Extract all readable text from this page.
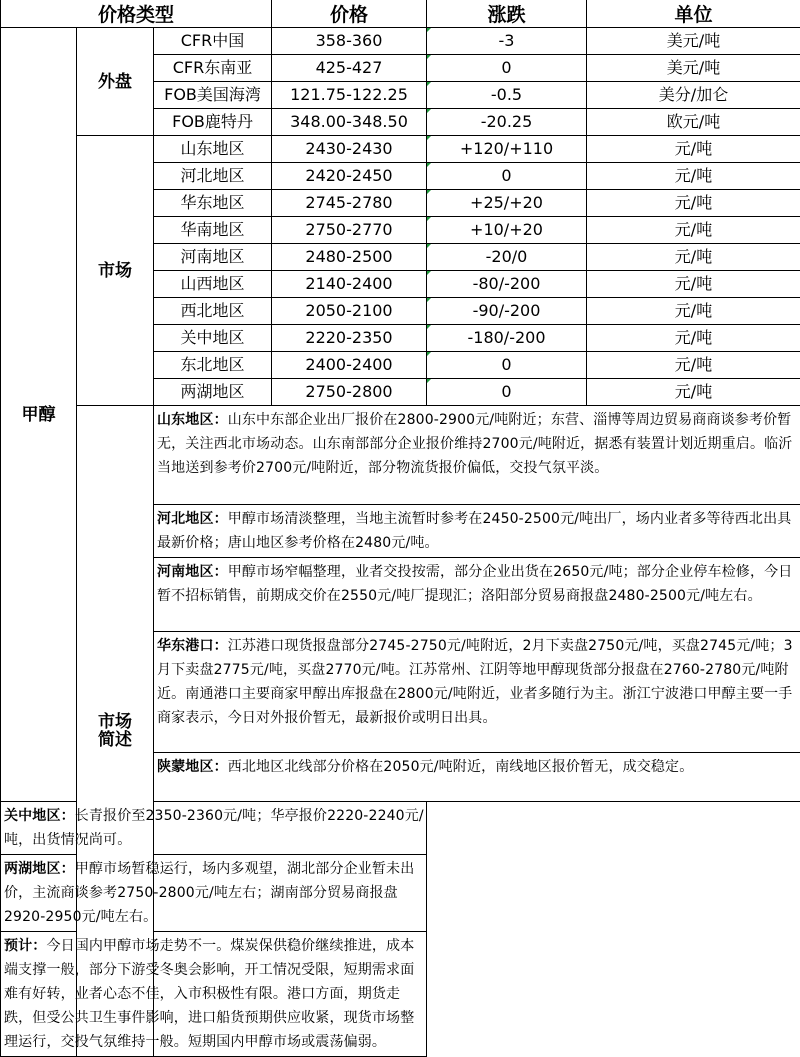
价格类型			价格	涨跌	单位
甲醇	外盘	CFR中国	358-360	-3	美元/吨
		CFR东南亚	425-427	0	美元/吨
		FOB美国海湾	121.75-122.25	-0.5	美分/加仑
		FOB鹿特丹	348.00-348.50	-20.25	欧元/吨
	市场	山东地区	2430-2430	+120/+110	元/吨
		河北地区	2420-2450	0	元/吨
		华东地区	2745-2780	+25/+20	元/吨
		华南地区	2750-2770	+10/+20	元/吨
		河南地区	2480-2500	-20/0	元/吨
		山西地区	2140-2400	-80/-200	元/吨
		西北地区	2050-2100	-90/-200	元/吨
		关中地区	2220-2350	-180/-200	元/吨
		东北地区	2400-2400	0	元/吨
		两湖地区	2750-2800	0	元/吨
	市场简述	山东地区：山东中东部企业出厂报价在2800-2900元/吨附近；东营、淄博等周边贸易商商谈参考价暂无，关注西北市场动态。山东南部部分企业报价维持2700元/吨附近，据悉有装置计划近期重启。临沂当地送到参考价2700元/吨附近，部分物流货报价偏低，交投气氛平淡。			
		河北地区：甲醇市场清淡整理，当地主流暂时参考在2450-2500元/吨出厂，场内业者多等待西北出具最新价格；唐山地区参考价格在2480元/吨。			
		河南地区：甲醇市场窄幅整理，业者交投按需，部分企业出货在2650元/吨；部分企业停车检修，今日暂不招标销售，前期成交价在2550元/吨厂提现汇；洛阳部分贸易商报盘2480-2500元/吨左右。			
		华东港口：江苏港口现货报盘部分2745-2750元/吨附近，2月下卖盘2750元/吨，买盘2745元/吨；3月下卖盘2775元/吨，买盘2770元/吨。江苏常州、江阴等地甲醇现货部分报盘在2760-2780元/吨附近。南通港口主要商家甲醇出库报盘在2800元/吨附近，业者多随行为主。浙江宁波港口甲醇主要一手商家表示，今日对外报价暂无，最新报价或明日出具。			
		陕蒙地区：西北地区北线部分价格在2050元/吨附近，南线地区报价暂无，成交稳定。			
关中地区：长青报价至2350-2360元/吨；华亭报价2220-2240元/吨，出货情况尚可。					
两湖地区：甲醇市场暂稳运行，场内多观望，湖北部分企业暂未出价，主流商谈参考2750-2800元/吨左右；湖南部分贸易商报盘2920-2950元/吨左右。					
预计：今日国内甲醇市场走势不一。煤炭保供稳价继续推进，成本端支撑一般，部分下游受冬奥会影响，开工情况受限，短期需求面难有好转，业者心态不佳，入市积极性有限。港口方面，期货走跌，但受公共卫生事件影响，进口船货预期供应收紧，现货市场整理运行，交投气氛维持一般。短期国内甲醇市场或震荡偏弱。					
